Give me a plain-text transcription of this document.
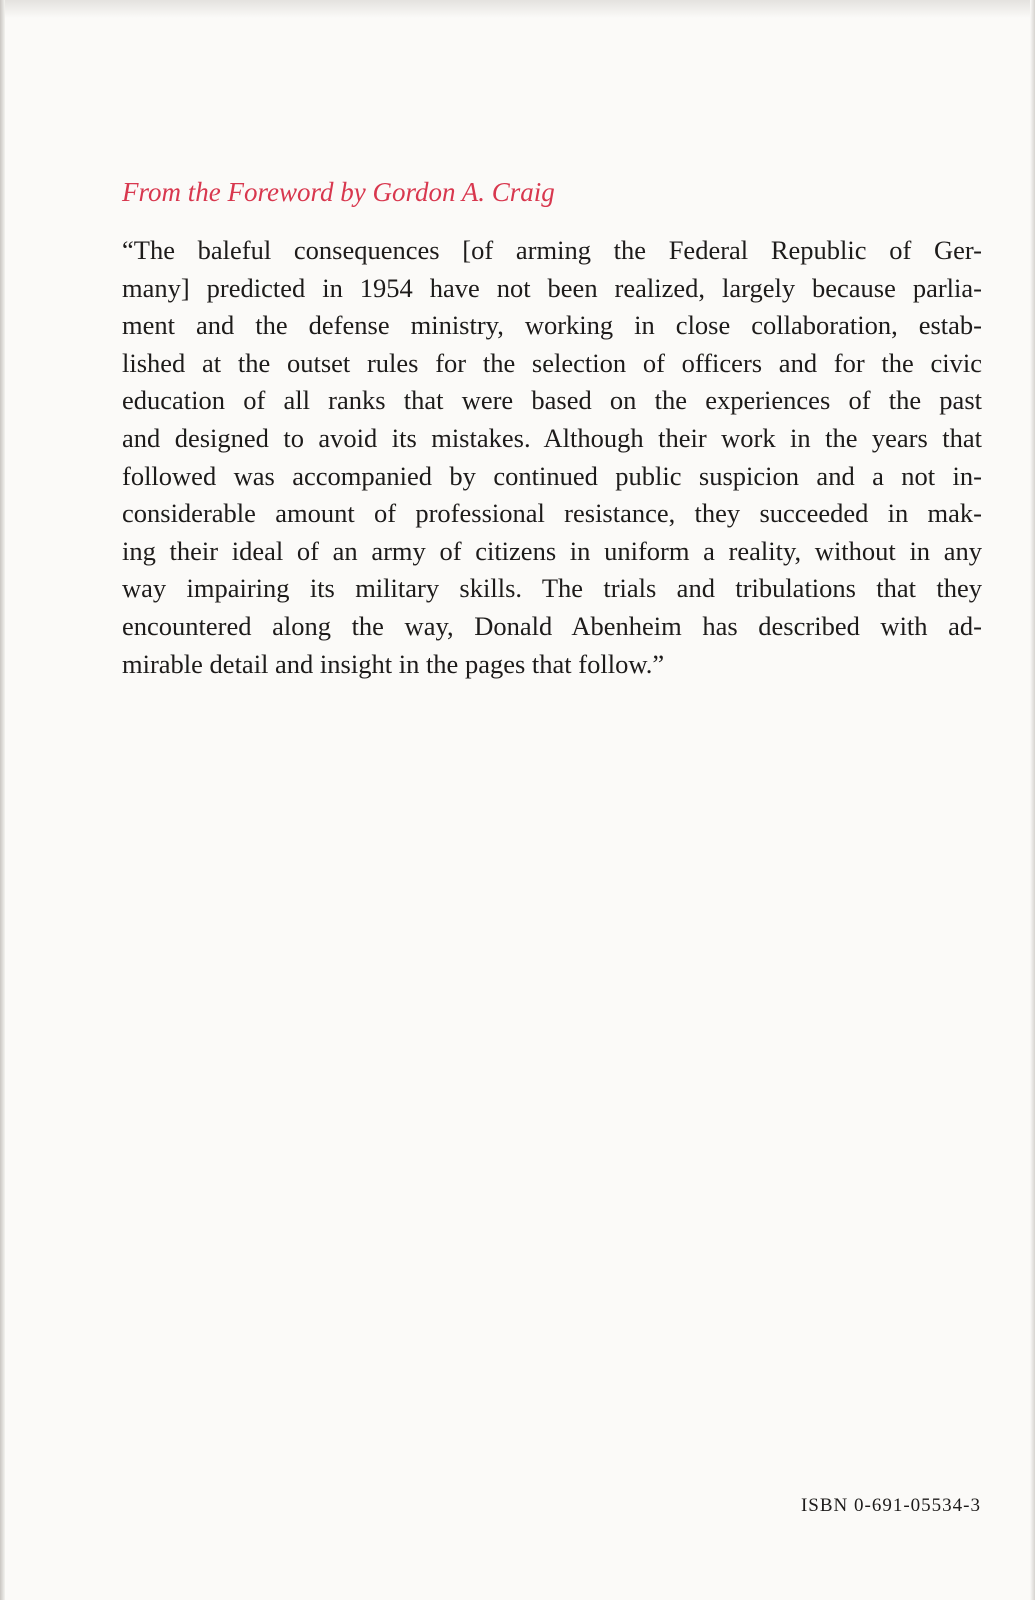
From the Foreword by Gordon A. Craig

“The baleful consequences [of arming the Federal Republic of Ger-
many] predicted in 1954 have not been realized, largely because parlia-
ment and the defense ministry, working in close collaboration, estab-
lished at the outset rules for the selection of officers and for the civic
education of all ranks that were based on the experiences of the past
and designed to avoid its mistakes. Although their work in the years that
followed was accompanied by continued public suspicion and a not in-
considerable amount of professional resistance, they succeeded in mak-
ing their ideal of an army of citizens in uniform a reality, without in any
way impairing its military skills. The trials and tribulations that they
encountered along the way, Donald Abenheim has described with ad-
mirable detail and insight in the pages that follow.”
ISBN 0-691-05534-3
